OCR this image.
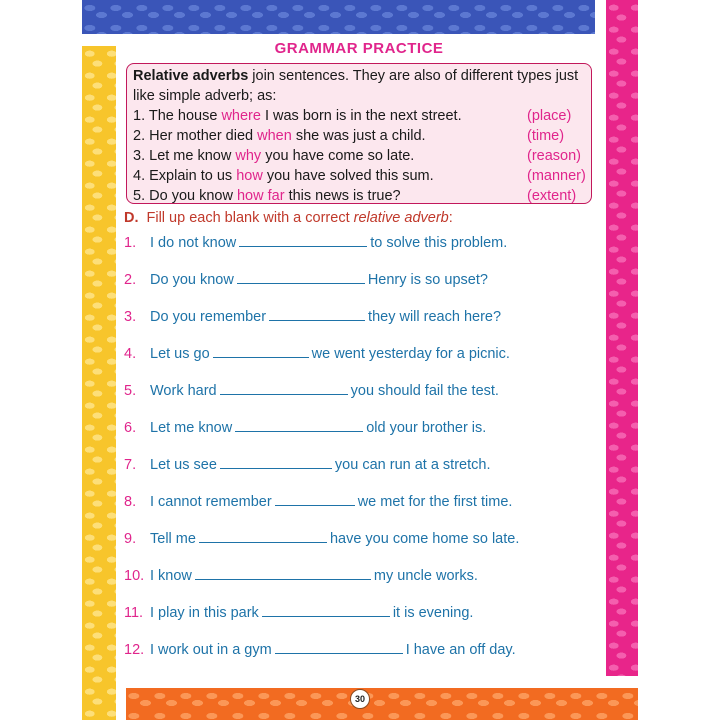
30
GRAMMAR PRACTICE
Relative adverbs join sentences. They are also of different types just like simple adverb; as:
1. The house where I was born is in the next street.	(place)
2. Her mother died when she was just a child.	(time)
3. Let me know why you have come so late.	(reason)
4. Explain to us how you have solved this sum.	(manner)
5. Do you know how far this news is true?	(extent)
D. Fill up each blank with a correct relative adverb:
1. I do not know	to solve this problem.
2. Do you know	Henry is so upset?
3. Do you remember	they will reach here?
4. Let us go	we went yesterday for a picnic.
5. Work hard	you should fail the test.
6. Let me know	old your brother is.
7. Let us see	you can run at a stretch.
8. I cannot remember	we met for the first time.
9. Tell me	have you come home so late.
10. I know	my uncle works.
11. I play in this park	it is evening.
12. I work out in a gym	I have an off day.
